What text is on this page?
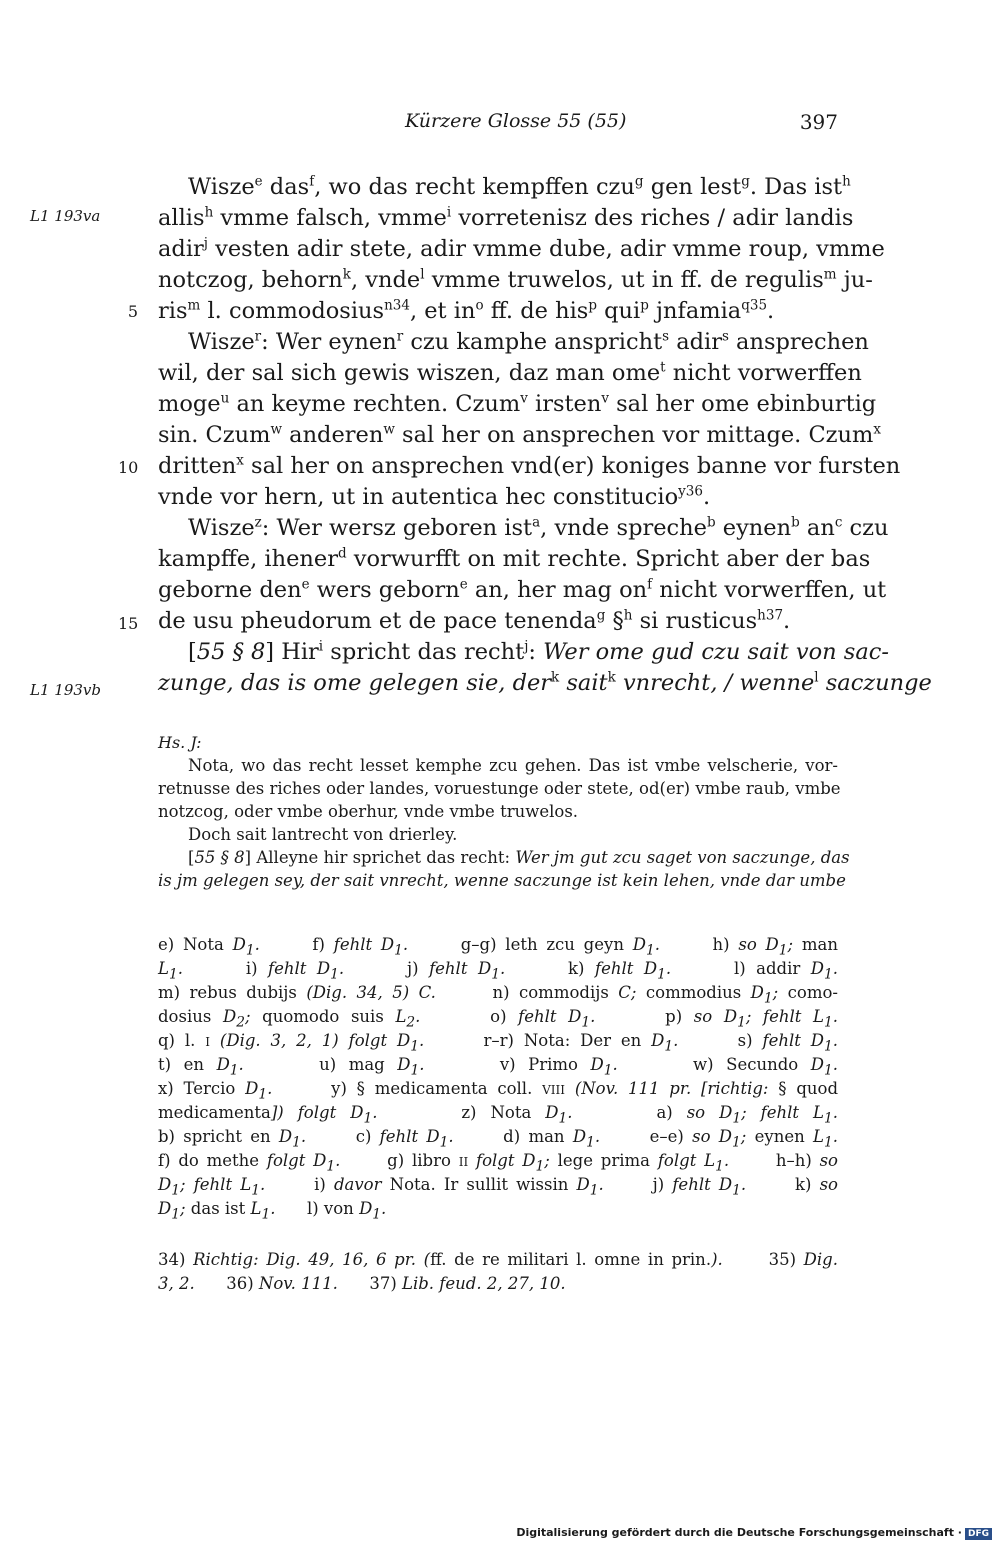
Kürzere Glosse 55 (55)	397
L1 193va
L1 193vb
5
10
15
Wisze$^e$ das$^f$, wo das recht kempffen czu$^g$ gen lest$^g$. Das ist$^h$
allis$^h$ vmme falsch, vmme$^i$ vorretenisz des riches / adir landis
adir$^j$ vesten adir stete, adir vmme dube, adir vmme roup, vmme
notczog, behorn$^k$, vnde$^l$ vmme truwelos, ut in ff. de regulis$^m$ ju-
ris$^m$ l. commodosius$^{n34}$, et $in^o$ ff. de his$^p$ qui$^p$ jnfamia$^{q35}$.
Wisze$^r$: Wer eynen$^r$ czu kamphe anspricht$^s$ adir$^s$ ansprechen
wil, der sal sich gewis wiszen, daz man ome$^t$ nicht vorwerffen
moge$^u$ an keyme rechten. Czum$^v$ irsten$^v$ sal her ome ebinburtig
sin. Czum$^w$ anderen$^w$ sal her on ansprechen vor mittage. Czum$^x$
dritten$^x$ sal her on ansprechen vnd(er) koniges banne vor fursten
vnde vor hern, ut in autentica hec constitucio$^{y36}$.
Wisze$^z$: Wer wersz geboren ist$^a$, vnde spreche$^b$ eynen$^b$ $an^c$ czu
kampffe, ihener$^d$ vorwurfft on mit rechte. Spricht aber der bas
geborne den$^e$ wers geborn$^e$ an, her mag $on^f$ nicht vorwerffen, ut
de usu pheudorum et de pace tenenda$^g$ §$^h$ si rusticus$^{h37}$.
[55 § 8] Hir$^i$ spricht das recht$^j$: Wer ome gud czu sait von sac-
zunge, das is ome gelegen sie, der$^k$ sait$^k$ vnrecht, / wenne$^l$ saczunge
Hs. J:
Nota, wo das recht lesset kemphe zcu gehen. Das ist vmbe velscherie, vor-
retnusse des riches oder landes, voruestunge oder stete, od(er) vmbe raub, vmbe
notzcog, oder vmbe oberhur, vnde vmbe truwelos.
Doch sait lantrecht von drierley.
[55 § 8] Alleyne hir sprichet das recht: Wer jm gut zcu saget von saczunge, das
is jm gelegen sey, der sait vnrecht, wenne saczunge ist kein lehen, vnde dar umbe
e) Nota $D_1$.      f) fehlt $D_1$.      g–g) leth zcu geyn $D_1$.      h) so $D_1$; man
$L_1$.      i) fehlt $D_1$.      j) fehlt $D_1$.      k) fehlt $D_1$.      l) addir $D_1$.
m) rebus dubijs (Dig. 34, 5) C.      n) commodijs C; commodius $D_1$; como-
dosius $D_2$; quomodo suis $L_2$.      o) fehlt $D_1$.      p) so $D_1$; fehlt $L_1$.
q) l. i (Dig. 3, 2, 1) folgt $D_1$.      r–r) Nota: Der en $D_1$.      s) fehlt $D_1$.
t) en $D_1$.      u) mag $D_1$.      v) Primo $D_1$.      w) Secundo $D_1$.
x) Tercio $D_1$.      y) § medicamenta coll. viii (Nov. 111 pr. [richtig: § quod
medicamenta]) folgt $D_1$.      z) Nota $D_1$.      a) so $D_1$; fehlt $L_1$.
b) spricht en $D_1$.      c) fehlt $D_1$.      d) man $D_1$.      e–e) so $D_1$; eynen $L_1$.
f) do methe folgt $D_1$.      g) libro ii folgt $D_1$; lege prima folgt $L_1$.      h–h) so
$D_1$; fehlt $L_1$.      i) davor Nota. Ir sullit wissin $D_1$.      j) fehlt $D_1$.      k) so
$D_1$; das ist $L_1$.      l) von $D_1$.
34) Richtig: Dig. 49, 16, 6 pr. (ff. de re militari l. omne in prin.).      35) Dig.
3, 2.      36) Nov. 111.      37) Lib. feud. 2, 27, 10.
Digitalisierung gefördert durch die Deutsche Forschungsgemeinschaft · DFG
